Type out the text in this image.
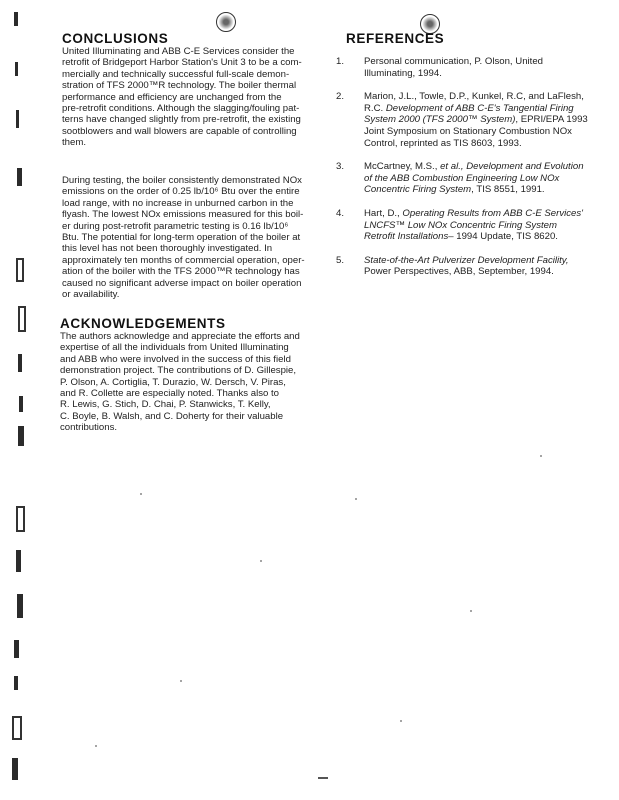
CONCLUSIONS
United Illuminating and ABB C-E Services consider the
retrofit of Bridgeport Harbor Station's Unit 3 to be a com-
mercially and technically successful full-scale demon-
stration of TFS 2000™R technology. The boiler thermal
performance and efficiency are unchanged from the
pre-retrofit conditions. Although the slagging/fouling pat-
terns have changed slightly from pre-retrofit, the existing
sootblowers and wall blowers are capable of controlling
them.
During testing, the boiler consistently demonstrated NOx
emissions on the order of 0.25 lb/10⁶ Btu over the entire
load range, with no increase in unburned carbon in the
flyash. The lowest NOx emissions measured for this boil-
er during post-retrofit parametric testing is 0.16 lb/10⁶
Btu. The potential for long-term operation of the boiler at
this level has not been thoroughly investigated. In
approximately ten months of commercial operation, oper-
ation of the boiler with the TFS 2000™R technology has
caused no significant adverse impact on boiler operation
or availability.
ACKNOWLEDGEMENTS
The authors acknowledge and appreciate the efforts and
expertise of all the individuals from United Illuminating
and ABB who were involved in the success of this field
demonstration project. The contributions of D. Gillespie,
P. Olson, A. Cortiglia, T. Durazio, W. Dersch, V. Piras,
and R. Collette are especially noted. Thanks also to
R. Lewis, G. Stich, D. Chai, P. Stanwicks, T. Kelly,
C. Boyle, B. Walsh, and C. Doherty for their valuable
contributions.
REFERENCES
1. Personal communication, P. Olson, United
Illuminating, 1994.
2. Marion, J.L., Towle, D.P., Kunkel, R.C, and LaFlesh,
R.C. Development of ABB C-E's Tangential Firing
System 2000 (TFS 2000™ System), EPRI/EPA 1993
Joint Symposium on Stationary Combustion NOx
Control, reprinted as TIS 8603, 1993.
3. McCartney, M.S., et al., Development and Evolution
of the ABB Combustion Engineering Low NOx
Concentric Firing System, TIS 8551, 1991.
4. Hart, D., Operating Results from ABB C-E Services'
LNCFS™ Low NOx Concentric Firing System
Retrofit Installations– 1994 Update, TIS 8620.
5. State-of-the-Art Pulverizer Development Facility,
Power Perspectives, ABB, September, 1994.
